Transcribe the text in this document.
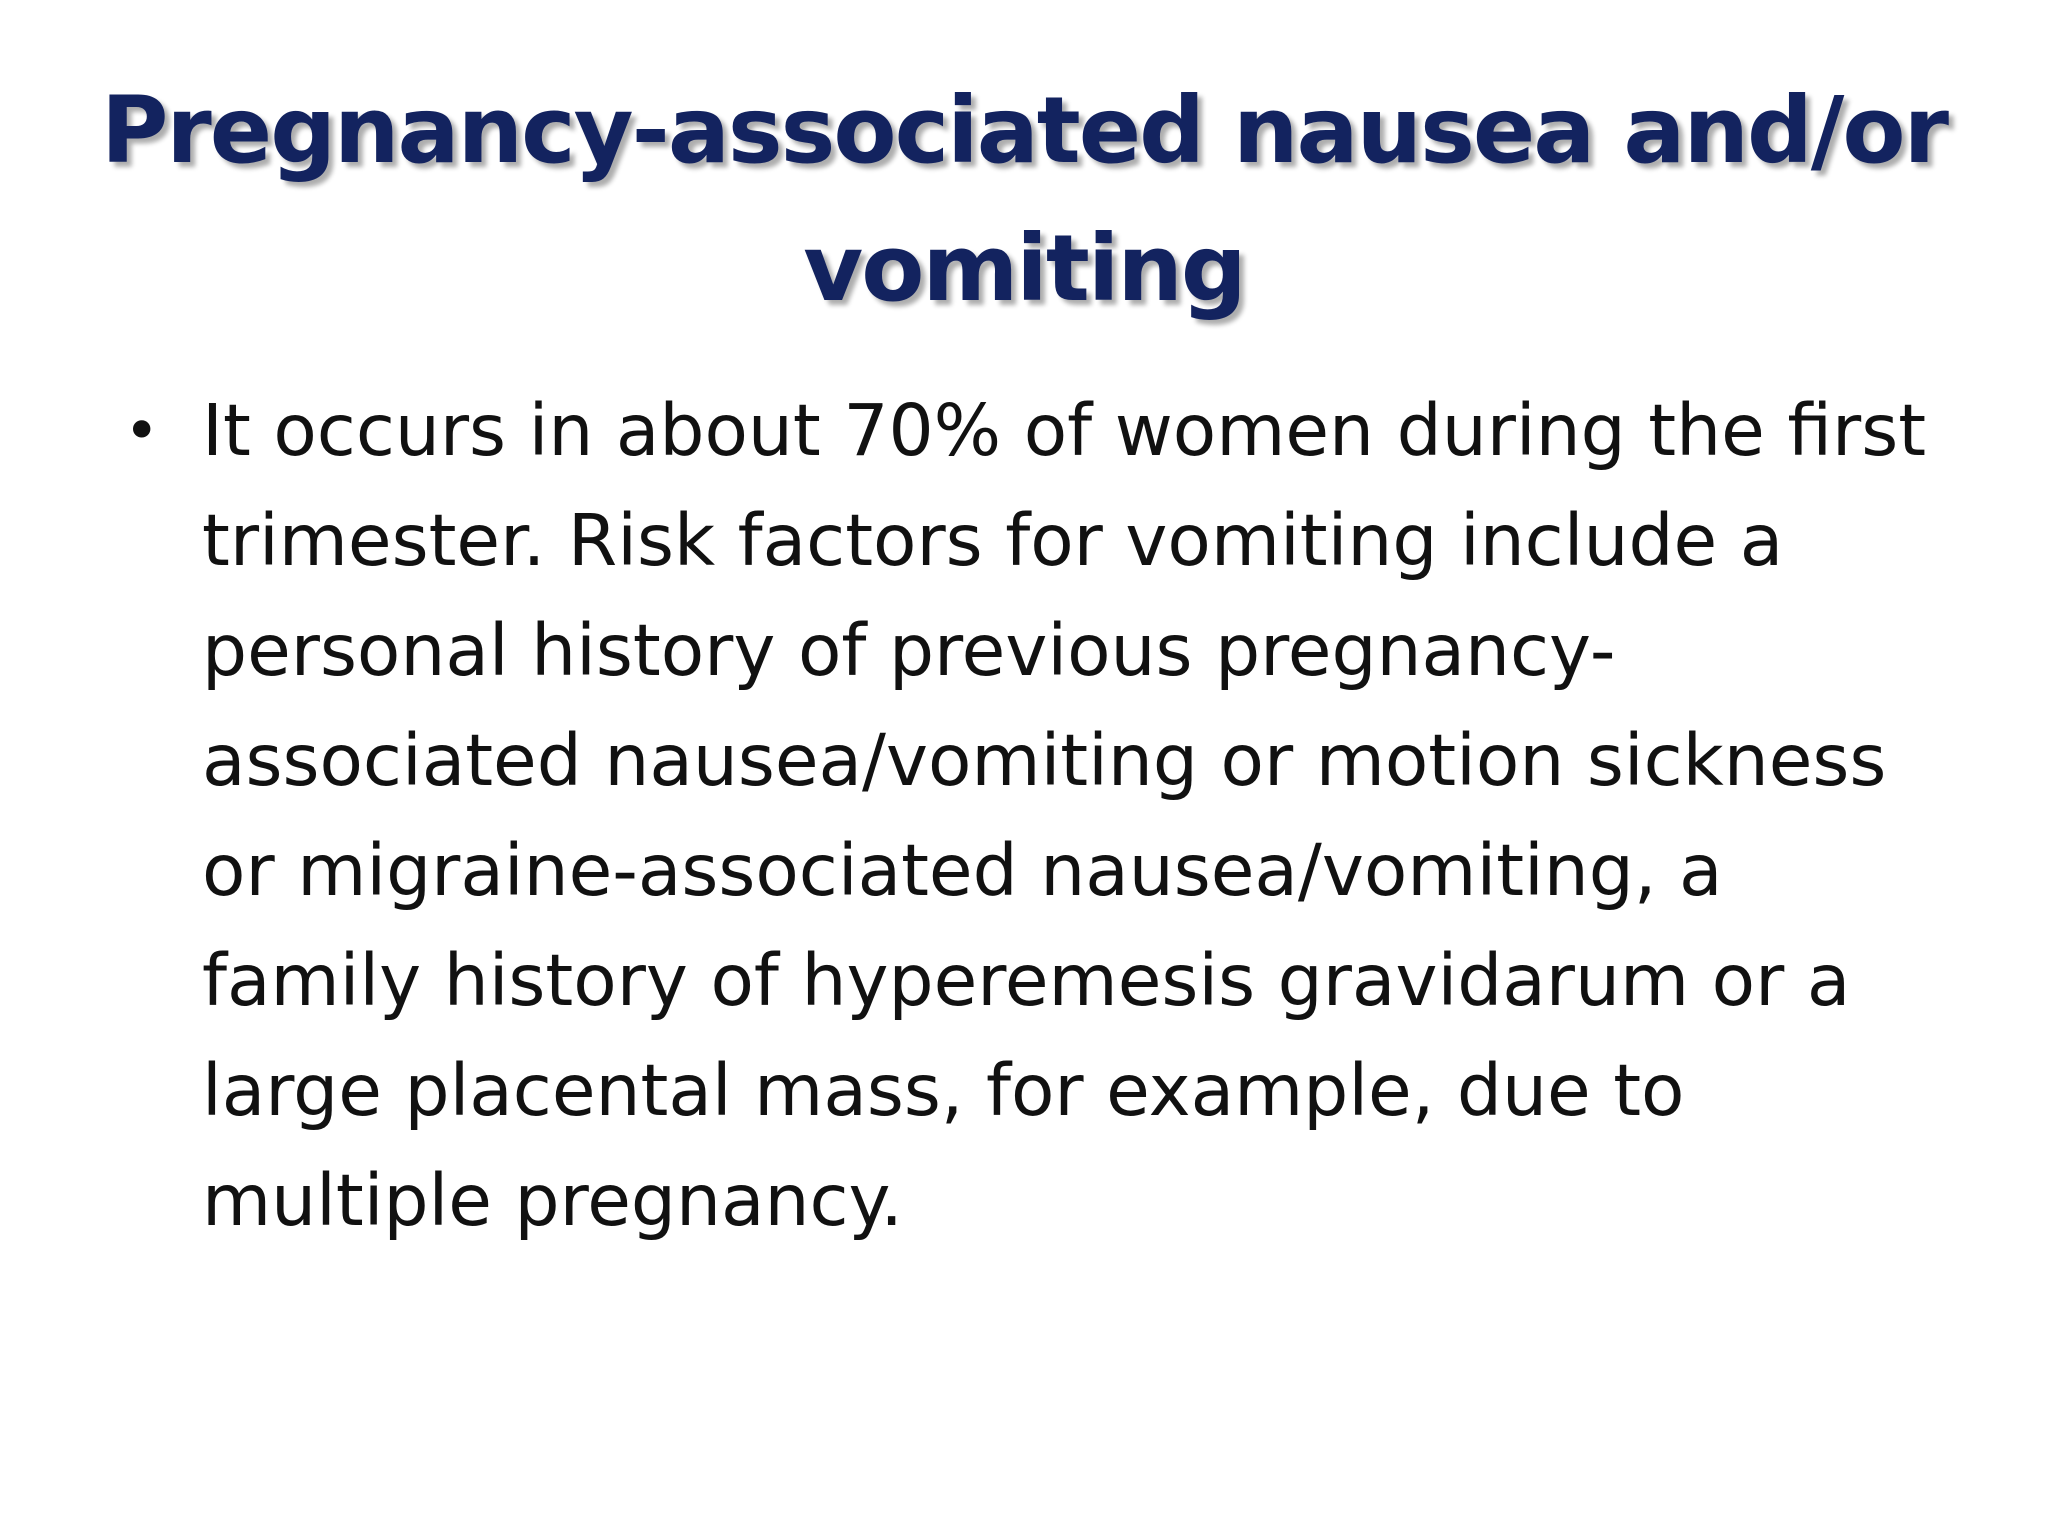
Pregnancy-associated nausea and/or vomiting
• It occurs in about 70% of women during the first trimester. Risk factors for vomiting include a personal history of previous pregnancy-associated nausea/vomiting or motion sickness or migraine-associated nausea/vomiting, a family history of hyperemesis gravidarum or a large placental mass, for example, due to multiple pregnancy.
